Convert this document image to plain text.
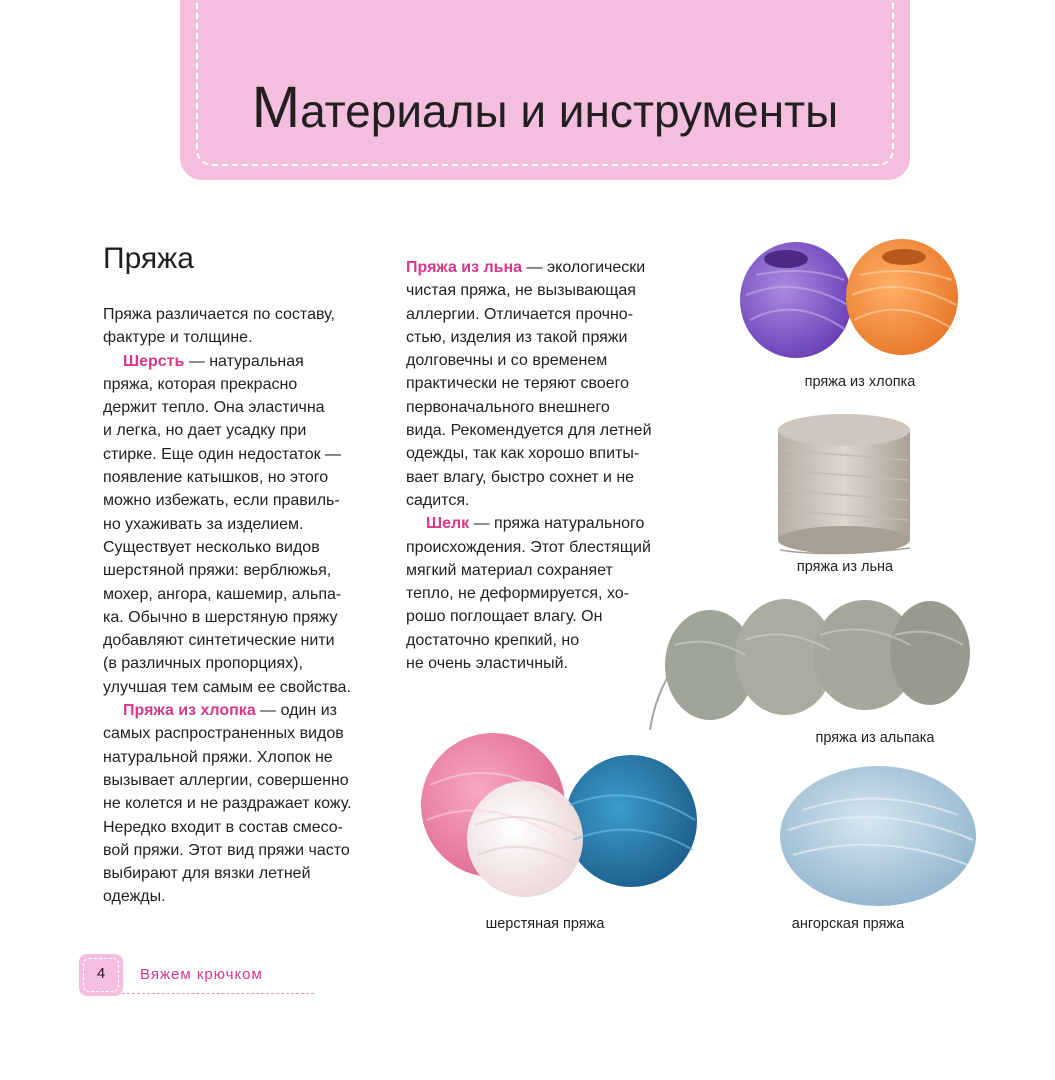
Материалы и инструменты
Пряжа

Пряжа различается по составу,
фактуре и толщине.

Шерсть — натуральная
пряжа, которая прекрасно
держит тепло. Она эластична
и легка, но дает усадку при
стирке. Еще один недостаток —
появление катышков, но этого
можно избежать, если правиль-
но ухаживать за изделием.
Существует несколько видов
шерстяной пряжи: верблюжья,
мохер, ангора, кашемир, альпа-
ка. Обычно в шерстяную пряжу
добавляют синтетические нити
(в различных пропорциях),
улучшая тем самым ее свойства.

Пряжа из хлопка — один из
самых распространенных видов
натуральной пряжи. Хлопок не
вызывает аллергии, совершенно
не колется и не раздражает кожу.
Нередко входит в состав смесо-
вой пряжи. Этот вид пряжи часто
выбирают для вязки летней
одежды.

Пряжа из льна — экологически
чистая пряжа, не вызывающая
аллергии. Отличается прочно-
стью, изделия из такой пряжи
долговечны и со временем
практически не теряют своего
первоначального внешнего
вида. Рекомендуется для летней
одежды, так как хорошо впиты-
вает влагу, быстро сохнет и не
садится.

Шелк — пряжа натурального
происхождения. Этот блестящий
мягкий материал сохраняет
тепло, не деформируется, хо-
рошо поглощает влагу. Он
достаточно крепкий, но
не очень эластичный.

пряжа из хлопка

пряжа из льна

пряжа из альпака

ангорская пряжа

шерстяная пряжа

4	Вяжем крючком
